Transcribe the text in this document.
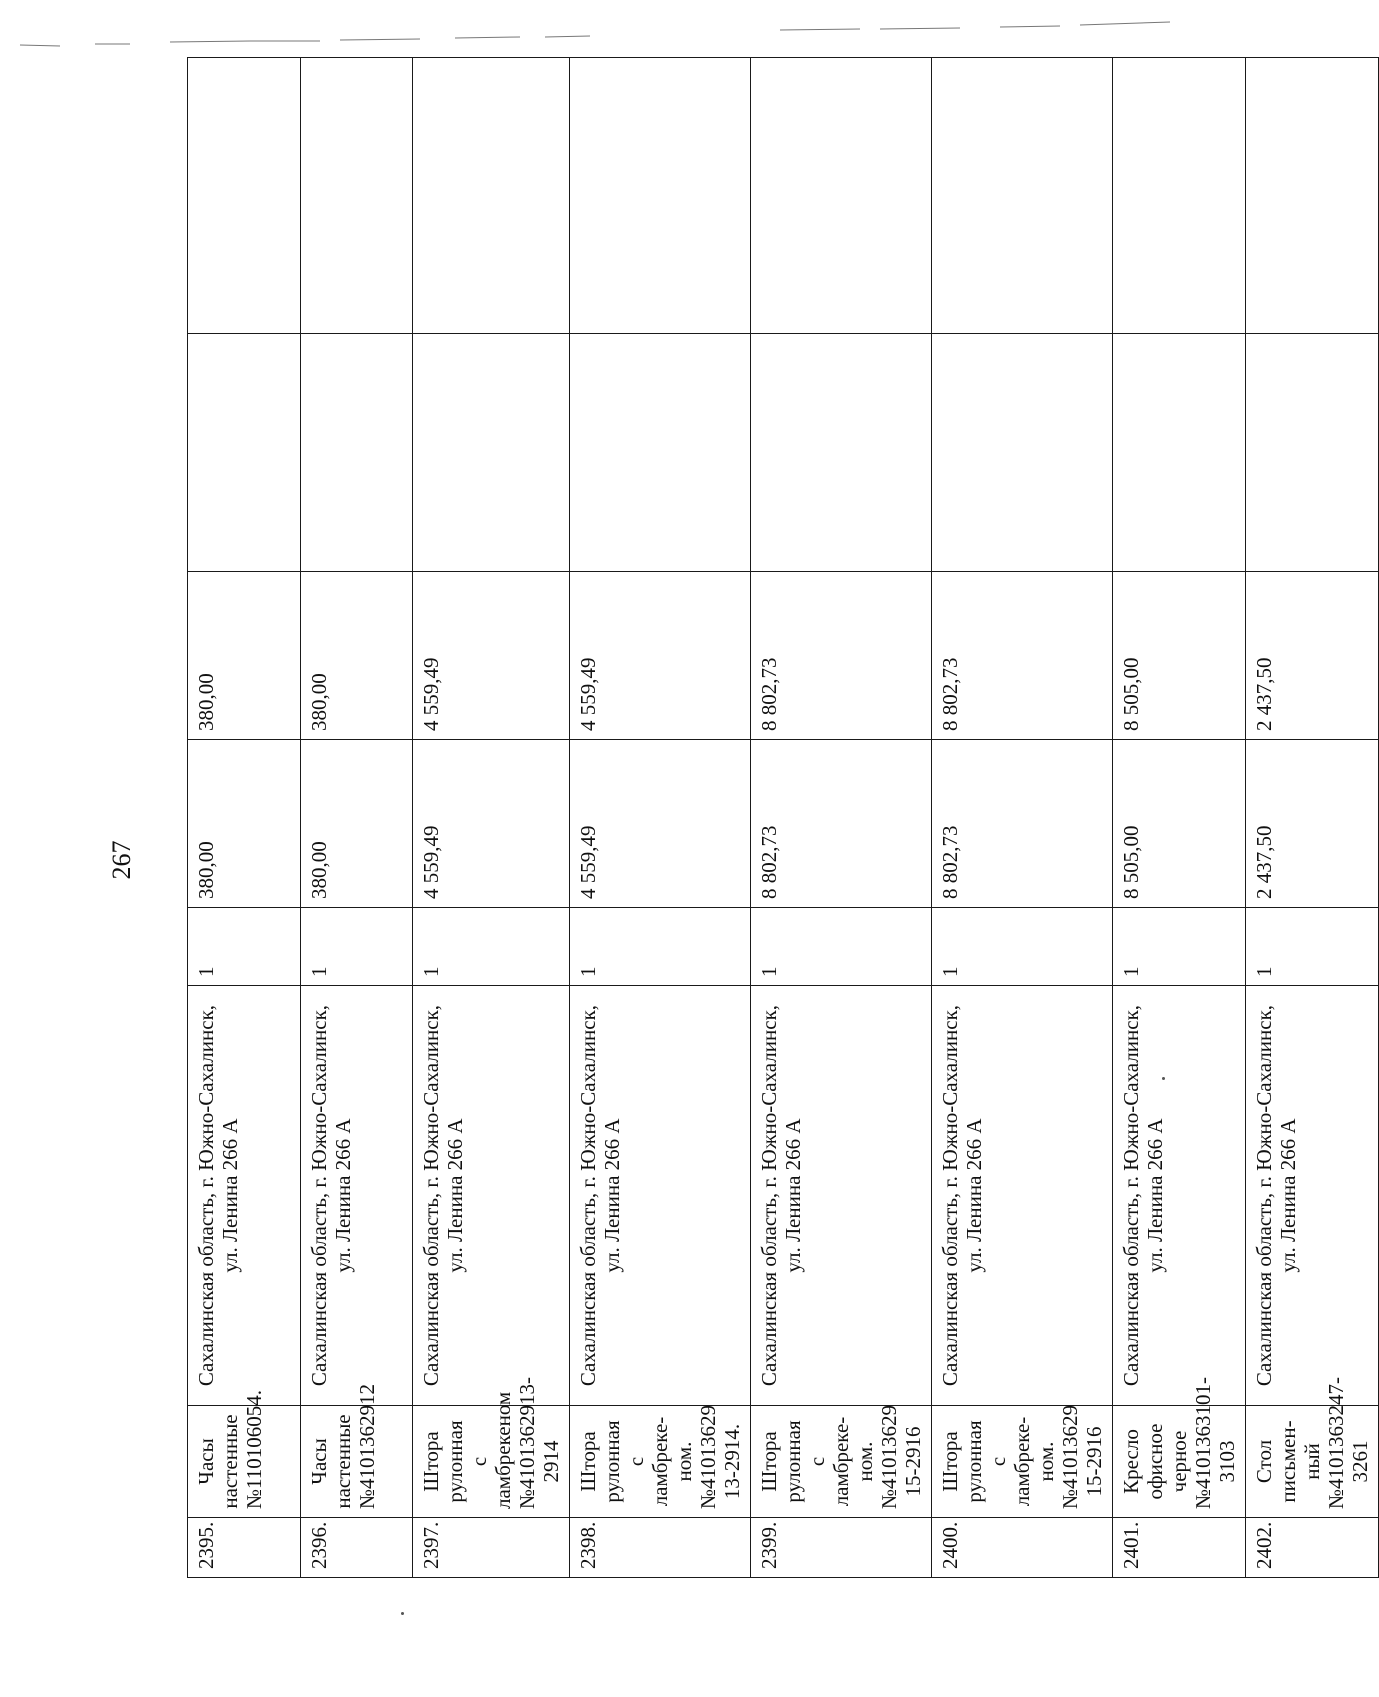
267
2395.	Часы настенные №110106054.	Сахалинская область, г. Южно-Сахалинск, ул. Ленина 266 А	1	380,00	380,00		
2396.	Часы настенные №4101362912	Сахалинская область, г. Южно-Сахалинск, ул. Ленина 266 А	1	380,00	380,00		
2397.	Штора рулонная с ламбрекеном №4101362913-2914	Сахалинская область, г. Южно-Сахалинск, ул. Ленина 266 А	1	4 559,49	4 559,49		
2398.	Штора рулонная с ламбреке-ном.№41013629 13-2914.	Сахалинская область, г. Южно-Сахалинск, ул. Ленина 266 А	1	4 559,49	4 559,49		
2399.	Штора рулонная с ламбреке-ном.№41013629 15-2916	Сахалинская область, г. Южно-Сахалинск, ул. Ленина 266 А	1	8 802,73	8 802,73		
2400.	Штора рулонная с ламбреке-ном.№41013629 15-2916	Сахалинская область, г. Южно-Сахалинск, ул. Ленина 266 А	1	8 802,73	8 802,73		
2401.	Кресло офисное черное №4101363101-3103	Сахалинская область, г. Южно-Сахалинск, ул. Ленина 266 А	1	8 505,00	8 505,00		
2402.	Стол письмен-ный №4101363247-3261	Сахалинская область, г. Южно-Сахалинск, ул. Ленина 266 А	1	2 437,50	2 437,50		
